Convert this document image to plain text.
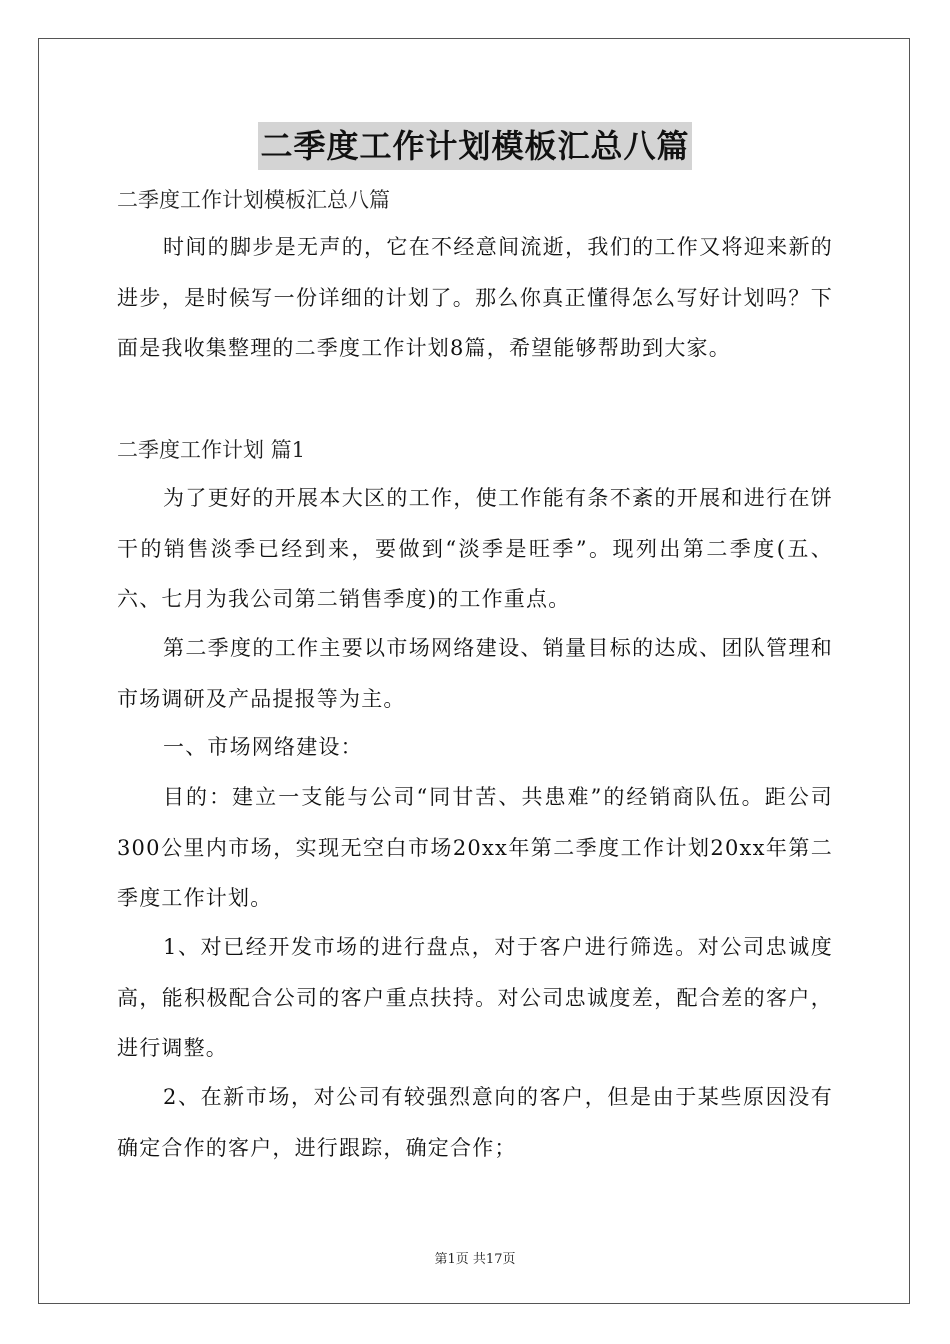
二季度工作计划模板汇总八篇
二季度工作计划模板汇总八篇
时间的脚步是无声的，它在不经意间流逝，我们的工作又将迎来新的进步，是时候写一份详细的计划了。那么你真正懂得怎么写好计划吗？下面是我收集整理的二季度工作计划8篇，希望能够帮助到大家。
二季度工作计划 篇1
为了更好的开展本大区的工作，使工作能有条不紊的开展和进行在饼干的销售淡季已经到来，要做到“淡季是旺季”。现列出第二季度(五、六、七月为我公司第二销售季度)的工作重点。
第二季度的工作主要以市场网络建设、销量目标的达成、团队管理和市场调研及产品提报等为主。
一、市场网络建设：
目的：建立一支能与公司“同甘苦、共患难”的经销商队伍。距公司300公里内市场，实现无空白市场20xx年第二季度工作计划20xx年第二季度工作计划。
1、对已经开发市场的进行盘点，对于客户进行筛选。对公司忠诚度高，能积极配合公司的客户重点扶持。对公司忠诚度差，配合差的客户，进行调整。
2、在新市场，对公司有较强烈意向的客户，但是由于某些原因没有确定合作的客户，进行跟踪，确定合作；
第1页 共17页
